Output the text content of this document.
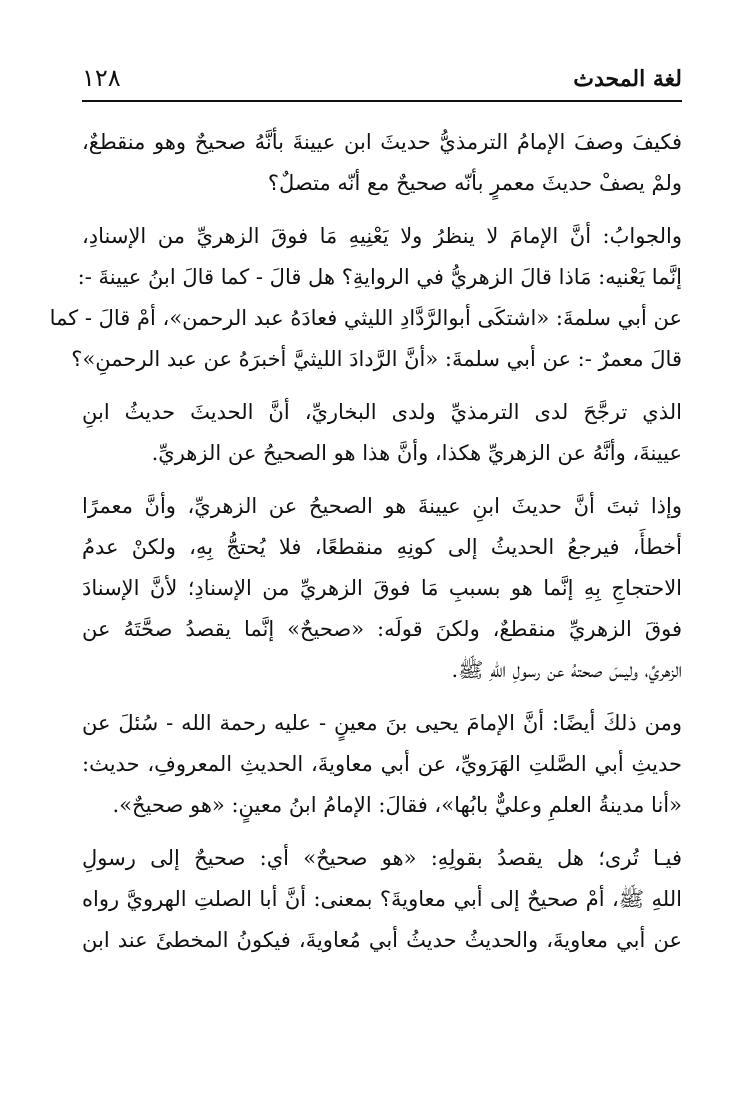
لغة المحدث
١٢٨
فكيفَ وصفَ الإمامُ الترمذيُّ حديثَ ابن عيينةَ بأنَّهُ صحيحٌ وهو منقطعٌ،
ولمْ يصفْ حديثَ معمرٍ بأنّه صحيحٌ مع أنّه متصلٌ؟
والجوابُ: أنَّ الإمامَ لا ينظرُ ولا يَعْنِيهِ مَا فوقَ الزهريِّ من الإسنادِ،
إنَّما يَعْنيه: مَاذا قالَ الزهريُّ في الروايةِ؟ هل قالَ - كما قالَ ابنُ عيينةَ -:
عن أبي سلمةَ: «اشتكَى أبوالرَّدَّادِ الليثي فعادَهُ عبد الرحمن»، أمْ قالَ - كما
قالَ معمرٌ -: عن أبي سلمةَ: «أنَّ الرَّدادَ الليثيَّ أخبرَهُ عن عبد الرحمنِ»؟
الذي ترجَّحَ لدى الترمذيِّ ولدى البخاريِّ، أنَّ الحديثَ حديثُ ابنِ
عيينةَ، وأنَّهُ عن الزهريِّ هكذا، وأنَّ هذا هو الصحيحُ عن الزهريِّ.
وإذا ثبتَ أنَّ حديثَ ابنِ عيينةَ هو الصحيحُ عن الزهريِّ، وأنَّ معمرًا
أخطأَ، فيرجعُ الحديثُ إلى كونِهِ منقطعًا، فلا يُحتجُّ بِهِ، ولكنْ عدمُ
الاحتجاجِ بِهِ إنَّما هو بسببِ مَا فوقَ الزهريِّ من الإسنادِ؛ لأنَّ الإسنادَ
فوقَ الزهريِّ منقطعٌ، ولكنَ قولَه: «صحيحٌ» إنَّما يقصدُ صحَّتَهُ عن
الزهريِّ، وليسَ صحتهُ عن رسولِ اللهِ ﷺ.
ومن ذلكَ أيضًا: أنَّ الإمامَ يحيى بنَ معينٍ - عليه رحمة الله - سُئلَ عن
حديثِ أبي الصَّلتِ الهَرَويِّ، عن أبي معاويةَ، الحديثِ المعروفِ، حديث:
«أنا مدينةُ العلمِ وعليٌّ بابُها»، فقالَ: الإمامُ ابنُ معينٍ: «هو صحيحٌ».
فيـا تُرى؛ هل يقصدُ بقولِهِ: «هو صحيحٌ» أي: صحيحٌ إلى رسولِ
اللهِ ﷺ، أمْ صحيحٌ إلى أبي معاويةَ؟ بمعنى: أنَّ أبا الصلتِ الهرويَّ رواه
عن أبي معاويةَ، والحديثُ حديثُ أبي مُعاويةَ، فيكونُ المخطئَ عند ابن
